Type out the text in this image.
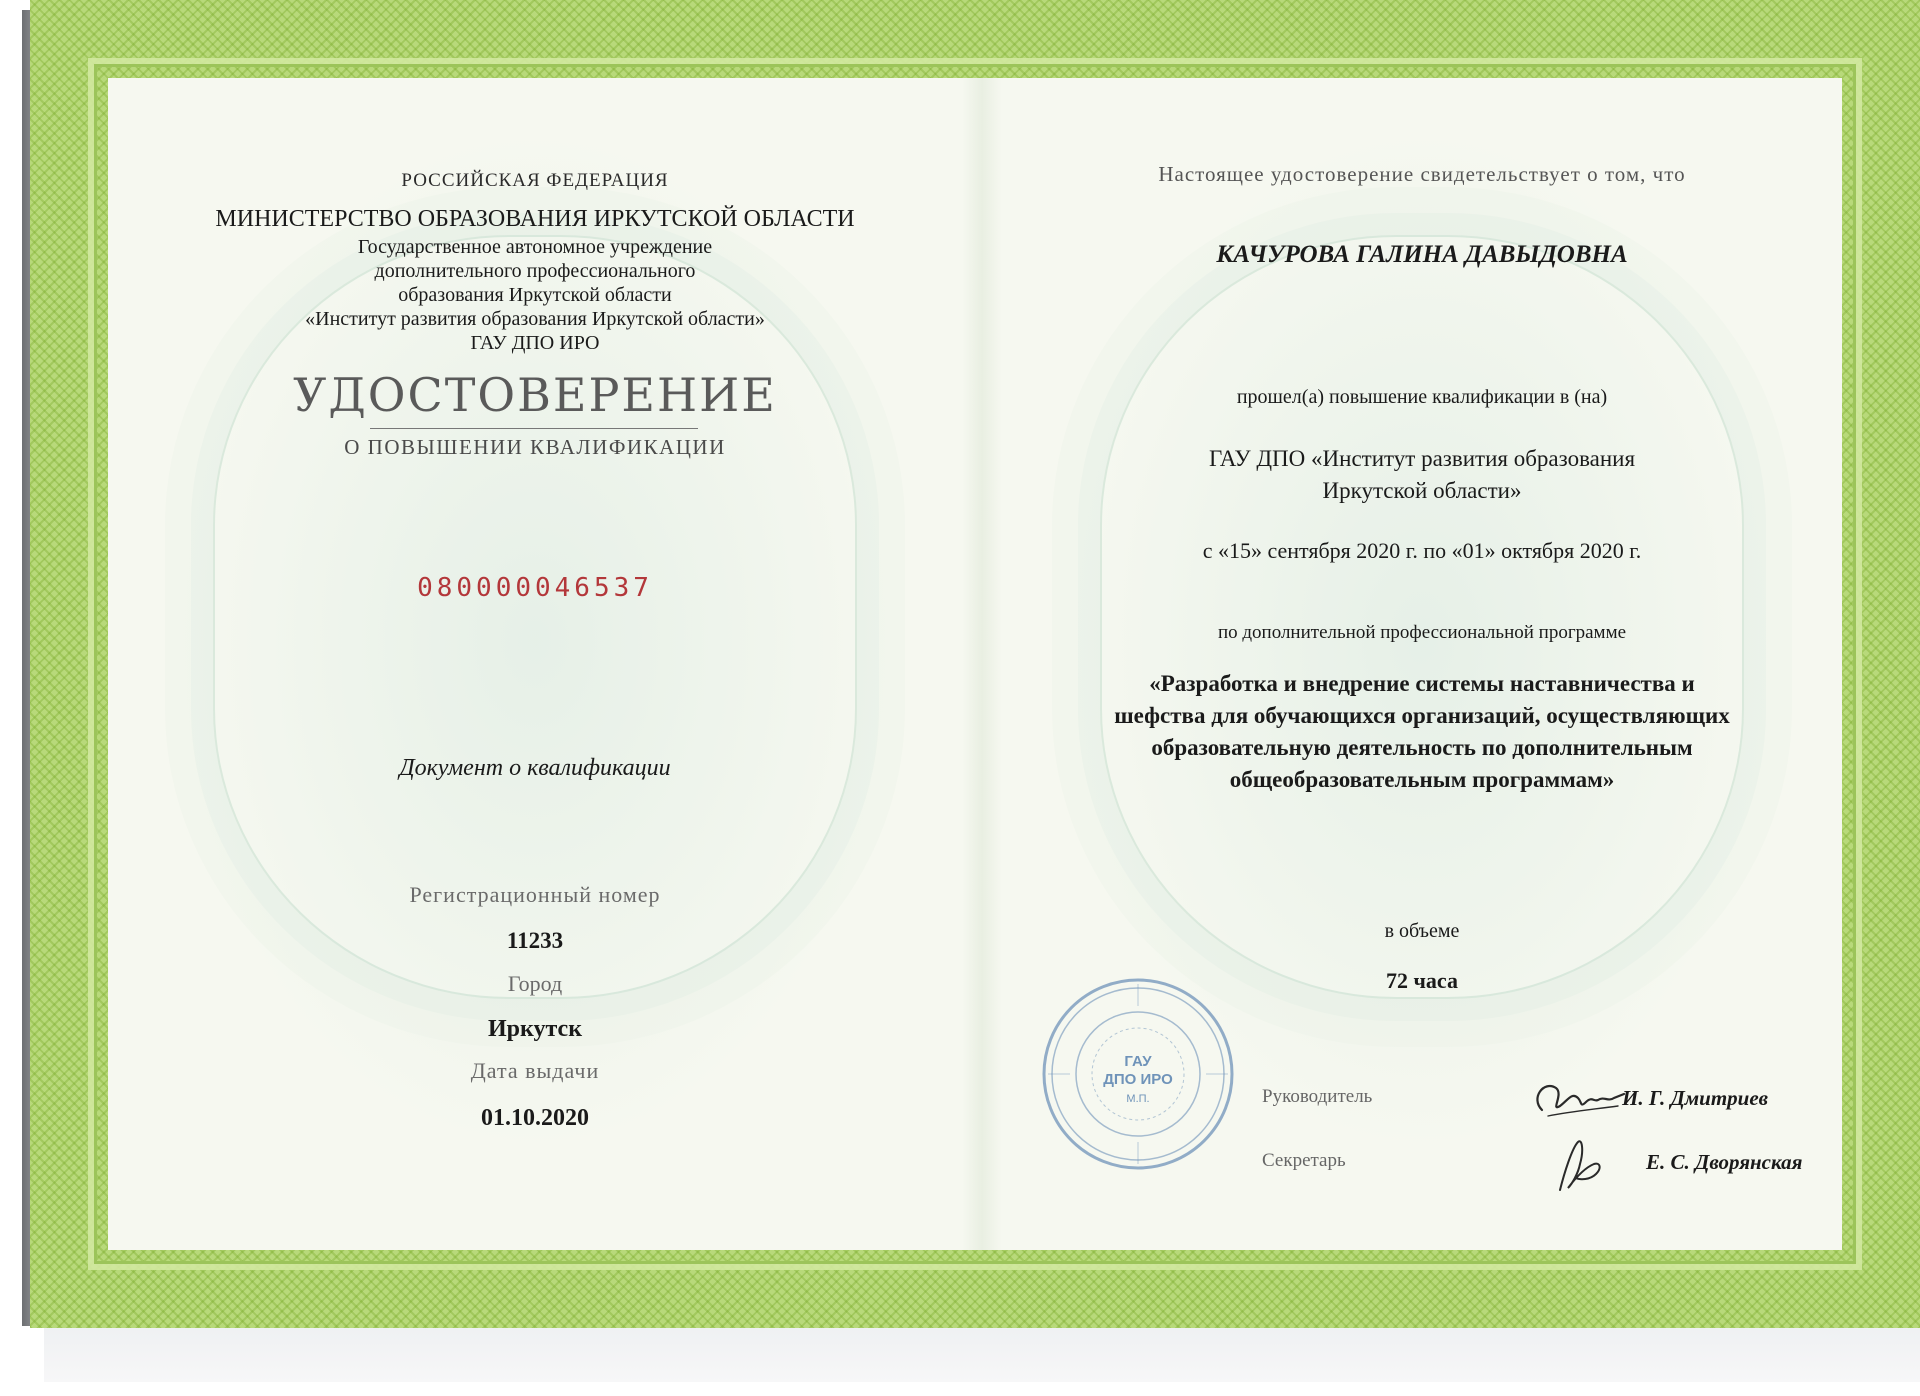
РОССИЙСКАЯ ФЕДЕРАЦИЯ
МИНИСТЕРСТВО ОБРАЗОВАНИЯ ИРКУТСКОЙ ОБЛАСТИ
Государственное автономное учреждение
дополнительного профессионального
образования Иркутской области
«Институт развития образования Иркутской области»
ГАУ ДПО ИРО
УДОСТОВЕРЕНИЕ
О ПОВЫШЕНИИ КВАЛИФИКАЦИИ
080000046537
Документ о квалификации
Регистрационный номер
11233
Город
Иркутск
Дата выдачи
01.10.2020
Настоящее удостоверение свидетельствует о том, что
КАЧУРОВА ГАЛИНА ДАВЫДОВНА
прошел(а) повышение квалификации в (на)
ГАУ ДПО «Институт развития образования
Иркутской области»
с «15» сентября 2020 г. по «01» октября 2020 г.
по дополнительной профессиональной программе
«Разработка и внедрение системы наставничества и
шефства для обучающихся организаций, осуществляющих
образовательную деятельность по дополнительным
общеобразовательным программам»
в объеме
72 часа
ГАУ
ДПО ИРО
М.П.	Руководитель
Секретарь
И. Г. Дмитриев
Е. С. Дворянская
